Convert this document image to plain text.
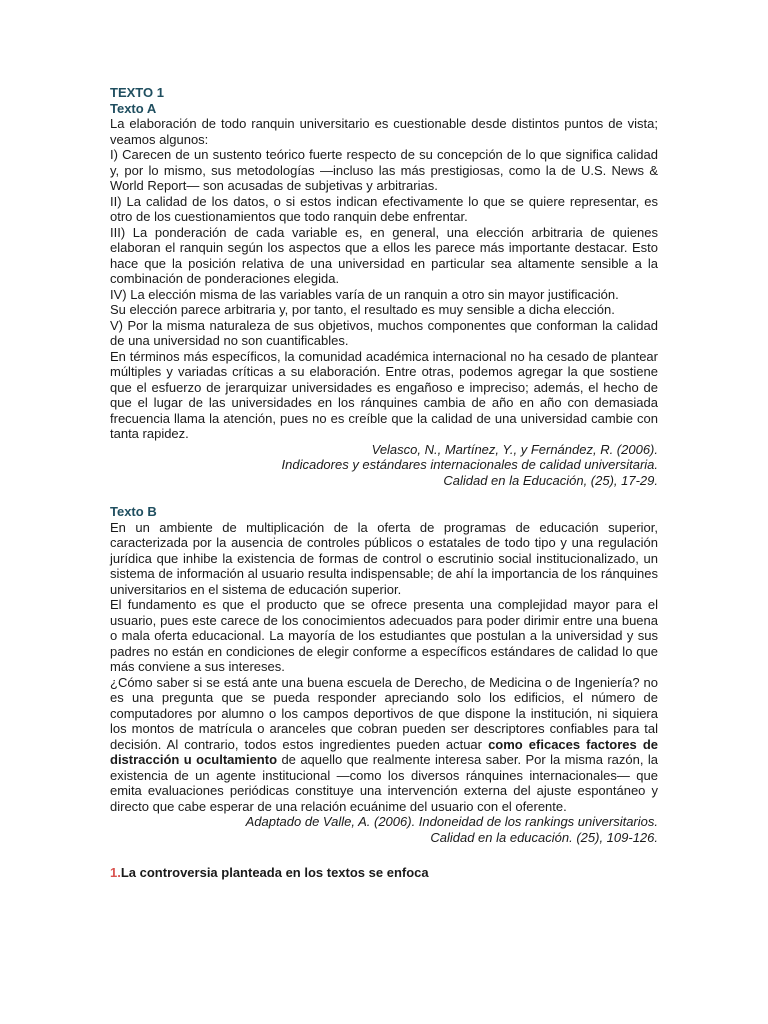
TEXTO 1
Texto A

La elaboración de todo ranquin universitario es cuestionable desde distintos puntos de vista; veamos algunos:

I) Carecen de un sustento teórico fuerte respecto de su concepción de lo que significa calidad y, por lo mismo, sus metodologías —incluso las más prestigiosas, como la de U.S. News & World Report— son acusadas de subjetivas y arbitrarias.

II) La calidad de los datos, o si estos indican efectivamente lo que se quiere representar, es otro de los cuestionamientos que todo ranquin debe enfrentar.

III) La ponderación de cada variable es, en general, una elección arbitraria de quienes elaboran el ranquin según los aspectos que a ellos les parece más importante destacar. Esto hace que la posición relativa de una universidad en particular sea altamente sensible a la combinación de ponderaciones elegida.

IV) La elección misma de las variables varía de un ranquin a otro sin mayor justificación.

Su elección parece arbitraria y, por tanto, el resultado es muy sensible a dicha elección.

V) Por la misma naturaleza de sus objetivos, muchos componentes que conforman la calidad de una universidad no son cuantificables.

En términos más específicos, la comunidad académica internacional no ha cesado de plantear múltiples y variadas críticas a su elaboración. Entre otras, podemos agregar la que sostiene que el esfuerzo de jerarquizar universidades es engañoso e impreciso; además, el hecho de que el lugar de las universidades en los ránquines cambia de año en año con demasiada frecuencia llama la atención, pues no es creíble que la calidad de una universidad cambie con tanta rapidez.

Velasco, N., Martínez, Y., y Fernández, R. (2006).

Indicadores y estándares internacionales de calidad universitaria.

Calidad en la Educación, (25), 17-29.

Texto B

En un ambiente de multiplicación de la oferta de programas de educación superior, caracterizada por la ausencia de controles públicos o estatales de todo tipo y una regulación jurídica que inhibe la existencia de formas de control o escrutinio social institucionalizado, un sistema de información al usuario resulta indispensable; de ahí la importancia de los ránquines universitarios en el sistema de educación superior.

El fundamento es que el producto que se ofrece presenta una complejidad mayor para el usuario, pues este carece de los conocimientos adecuados para poder dirimir entre una buena o mala oferta educacional. La mayoría de los estudiantes que postulan a la universidad y sus padres no están en condiciones de elegir conforme a específicos estándares de calidad lo que más conviene a sus intereses.

¿Cómo saber si se está ante una buena escuela de Derecho, de Medicina o de Ingeniería? no es una pregunta que se pueda responder apreciando solo los edificios, el número de computadores por alumno o los campos deportivos de que dispone la institución, ni siquiera los montos de matrícula o aranceles que cobran pueden ser descriptores confiables para tal decisión. Al contrario, todos estos ingredientes pueden actuar como eficaces factores de distracción u ocultamiento de aquello que realmente interesa saber. Por la misma razón, la existencia de un agente institucional —como los diversos ránquines internacionales— que emita evaluaciones periódicas constituye una intervención externa del ajuste espontáneo y directo que cabe esperar de una relación ecuánime del usuario con el oferente.

Adaptado de Valle, A. (2006). Indoneidad de los rankings universitarios.

Calidad en la educación. (25), 109-126.

1.La controversia planteada en los textos se enfoca
